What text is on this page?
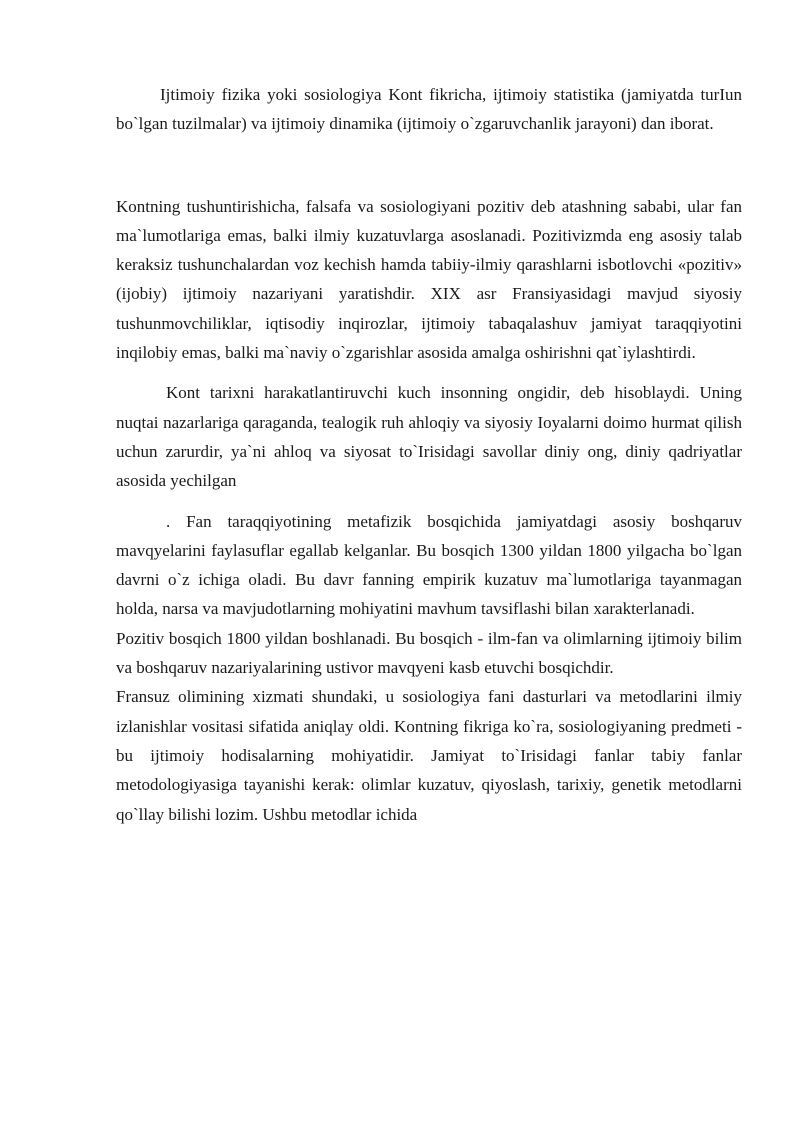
Ijtimoiy fizika yoki sosiologiya Kont fikricha, ijtimoiy statistika (jamiyatda turIun bo`lgan tuzilmalar) va ijtimoiy dinamika (ijtimoiy o`zgaruvchanlik jarayoni) dan iborat.

Kontning tushuntirishicha, falsafa va sosiologiyani pozitiv deb atashning sababi, ular fan ma`lumotlariga emas, balki ilmiy kuzatuvlarga asoslanadi. Pozitivizmda eng asosiy talab keraksiz tushunchalardan voz kechish hamda tabiiy-ilmiy qarashlarni isbotlovchi «pozitiv» (ijobiy) ijtimoiy nazariyani yaratishdir. XIX asr Fransiyasidagi mavjud siyosiy tushunmovchiliklar, iqtisodiy inqirozlar, ijtimoiy tabaqalashuv jamiyat taraqqiyotini inqilobiy emas, balki ma`naviy o`zgarishlar asosida amalga oshirishni qat`iylashtirdi.

Kont tarixni harakatlantiruvchi kuch insonning ongidir, deb hisoblaydi. Uning nuqtai nazarlariga qaraganda, tealogik ruh ahloqiy va siyosiy Ioyalarni doimo hurmat qilish uchun zarurdir, ya`ni ahloq va siyosat to`Irisidagi savollar diniy ong, diniy qadriyatlar asosida yechilgan

. Fan taraqqiyotining metafizik bosqichida jamiyatdagi asosiy boshqaruv mavqyelarini faylasuflar egallab kelganlar. Bu bosqich 1300 yildan 1800 yilgacha bo`lgan davrni o`z ichiga oladi. Bu davr fanning empirik kuzatuv ma`lumotlariga tayanmagan holda, narsa va mavjudotlarning mohiyatini mavhum tavsiflashi bilan xarakterlanadi.

Pozitiv bosqich 1800 yildan boshlanadi. Bu bosqich - ilm-fan va olimlarning ijtimoiy bilim va boshqaruv nazariyalarining ustivor mavqyeni kasb etuvchi bosqichdir.

Fransuz olimining xizmati shundaki, u sosiologiya fani dasturlari va metodlarini ilmiy izlanishlar vositasi sifatida aniqlay oldi. Kontning fikriga ko`ra, sosiologiyaning predmeti - bu ijtimoiy hodisalarning mohiyatidir. Jamiyat to`Irisidagi fanlar tabiy fanlar metodologiyasiga tayanishi kerak: olimlar kuzatuv, qiyoslash, tarixiy, genetik metodlarni qo`llay bilishi lozim. Ushbu metodlar ichida
